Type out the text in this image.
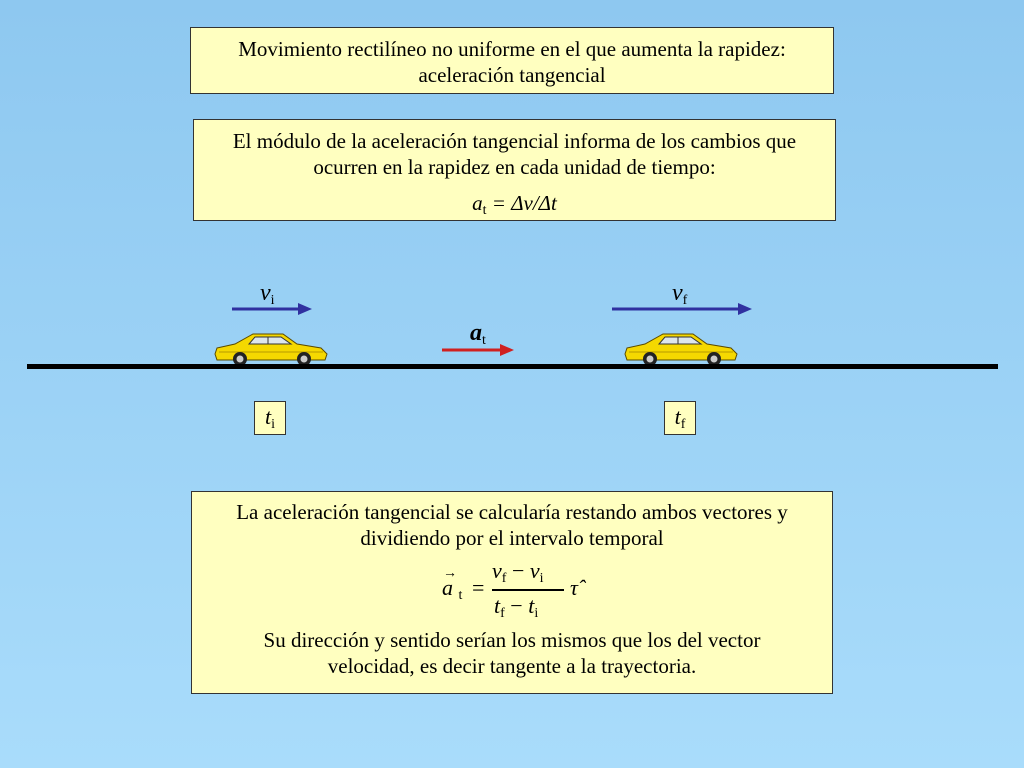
Movimiento rectilíneo no uniforme en el que aumenta la rapidez:
aceleración tangencial
El módulo de la aceleración tangencial informa de los cambios que
ocurren en la rapidez en cada unidad de tiempo:
$a_t = \Delta v/\Delta t$
$v_i$	$v_f$
$a_t$
$t_i$	$t_f$
La aceleración tangencial se calcularía restando ambos vectores y
dividiendo por el intervalo temporal
a
→
$_t$ =
$v_f - v_i$
$t_f - t_i$
τ̂
Su dirección y sentido serían los mismos que los del vector
velocidad, es decir tangente a la trayectoria.
